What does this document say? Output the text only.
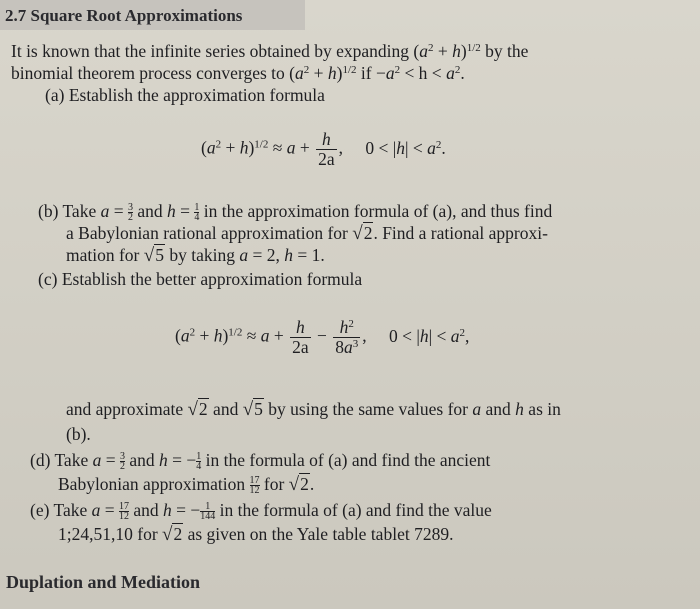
2.7 Square Root Approximations
It is known that the infinite series obtained by expanding $(a^2 + h)^{1/2}$ by the
binomial theorem process converges to $(a^2 + h)^{1/2}$ if $-a^2 < h < a^2$.
(a) Establish the approximation formula
$(a^2 + h)^{1/2} \approx a + \frac{h}{2a}$ , $0 < |h| < a^2$.
(b) Take $a = \frac{3}{2}$ and $h = \frac{1}{4}$ in the approximation formula of (a), and thus find
a Babylonian rational approximation for √2. Find a rational approxi-
mation for √5 by taking a = 2, h = 1.
(c) Establish the better approximation formula
$(a^2 + h)^{1/2} \approx a + \frac{h}{2a} - \frac{h^2}{8a^3}$ , $0 < |h| < a^2$,
and approximate √2 and √5 by using the same values for a and h as in
(b).
(d) Take $a = \frac{3}{2}$ and h = − $\frac{1}{4}$ in the formula of (a) and find the ancient
Babylonian approximation $\frac{17}{12}$ for √2.
(e) Take $a = \frac{17}{12}$ and h = − $\frac{1}{144}$ in the formula of (a) and find the value
1;24,51,10 for √2 as given on the Yale table tablet 7289.
Duplation and Mediation
